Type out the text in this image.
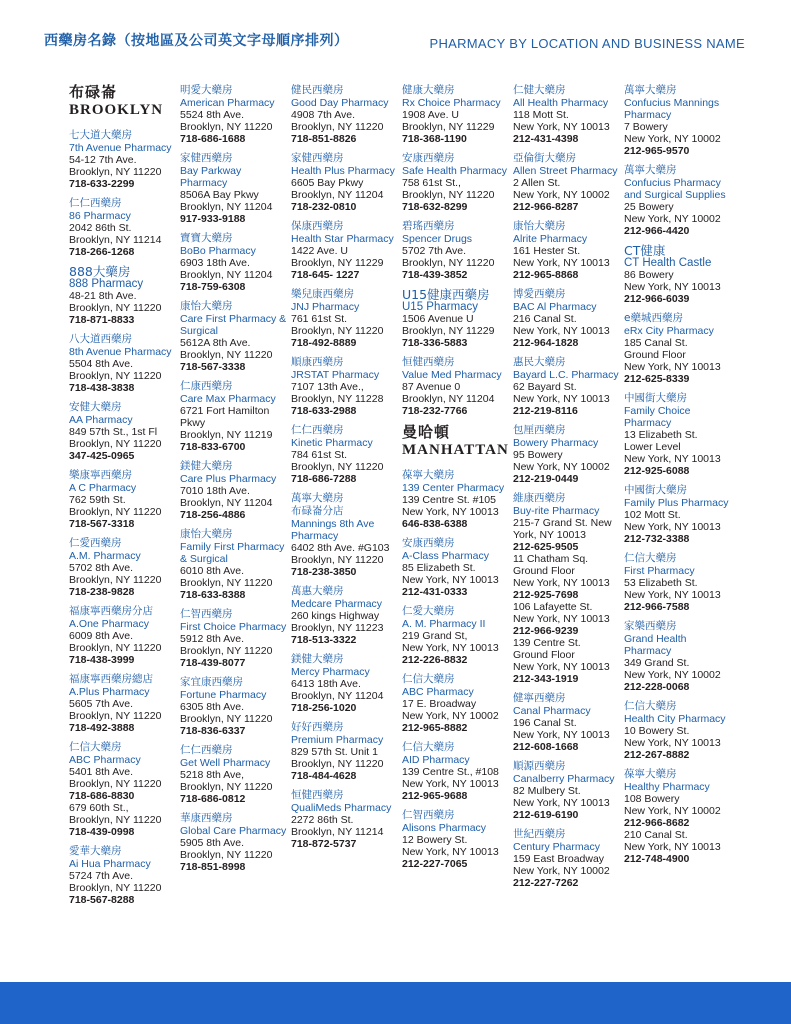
西藥房名錄（按地區及公司英文字母順序排列）	PHARMACY BY LOCATION AND BUSINESS NAME
布碌崙
BROOKLYN
七大道大藥房
7th Avenue Pharmacy
54-12 7th Ave.
Brooklyn, NY 11220
718-633-2299
仁仁西藥房
86 Pharmacy
2042 86th St.
Brooklyn, NY 11214
718-266-1268
888大藥房
888 Pharmacy
48-21 8th Ave.
Brooklyn, NY 11220
718-871-8833
八大道西藥房
8th Avenue Pharmacy
5504 8th Ave.
Brooklyn, NY 11220
718-438-3838
安健大藥房
AA Pharmacy
849 57th St., 1st Fl
Brooklyn, NY 11220
347-425-0965
樂康寧西藥房
A C Pharmacy
762 59th St.
Brooklyn, NY 11220
718-567-3318
仁愛西藥房
A.M. Pharmacy
5702 8th Ave.
Brooklyn, NY 11220
718-238-9828
福康寧西藥房分店
A.One Pharmacy
6009 8th Ave.
Brooklyn, NY 11220
718-438-3999
福康寧西藥房總店
A.Plus Pharmacy
5605 7th Ave.
Brooklyn, NY 11220
718-492-3888
仁信大藥房
ABC Pharmacy
5401 8th Ave.
Brooklyn, NY 11220
718-686-8830
679 60th St.,
Brooklyn, NY 11220
718-439-0998
愛華大藥房
Ai Hua Pharmacy
5724 7th Ave.
Brooklyn, NY 11220
718-567-8288
明愛大藥房
American Pharmacy
5524 8th Ave.
Brooklyn, NY 11220
718-686-1688
家健西藥房
Bay Parkway Pharmacy
8506A Bay Pkwy
Brooklyn, NY 11204
917-933-9188
寶寶大藥房
BoBo Pharmacy
6903 18th Ave.
Brooklyn, NY 11204
718-759-6308
康怡大藥房
Care First Pharmacy & Surgical
5612A 8th Ave.
Brooklyn, NY 11220
718-567-3338
仁康西藥房
Care Max Pharmacy
6721 Fort Hamilton Pkwy
Brooklyn, NY 11219
718-833-6700
鎂健大藥房
Care Plus Pharmacy
7010 18th Ave.
Brooklyn, NY 11204
718-256-4886
康怡大藥房
Family First Pharmacy & Surgical
6010 8th Ave.
Brooklyn, NY 11220
718-633-8388
仁智西藥房
First Choice Pharmacy
5912 8th Ave.
Brooklyn, NY 11220
718-439-8077
家宜康西藥房
Fortune Pharmacy
6305 8th Ave.
Brooklyn, NY 11220
718-836-6337
仁仁西藥房
Get Well Pharmacy
5218 8th Ave,
Brooklyn, NY 11220
718-686-0812
華康西藥房
Global Care Pharmacy
5905 8th Ave.
Brooklyn, NY 11220
718-851-8998
健民西藥房
Good Day Pharmacy
4908 7th Ave.
Brooklyn, NY 11220
718-851-8826
家健西藥房
Health Plus Pharmacy
6605 Bay Pkwy
Brooklyn, NY 11204
718-232-0810
保康西藥房
Health Star Pharmacy
1422 Ave. U
Brooklyn, NY 11229
718-645- 1227
樂兒康西藥房
JNJ Pharmacy
761 61st St.
Brooklyn, NY 11220
718-492-8889
順康西藥房
JRSTAT Pharmacy
7107 13th Ave.,
Brooklyn, NY 11228
718-633-2988
仁仁西藥房
Kinetic Pharmacy
784 61st St.
Brooklyn, NY 11220
718-686-7288
萬寧大藥房
布碌崙分店
Mannings 8th Ave Pharmacy
6402 8th Ave. #G103
Brooklyn, NY 11220
718-238-3850
萬惠大藥房
Medcare Pharmacy
260 kings Highway
Brooklyn, NY 11223
718-513-3322
鎂健大藥房
Mercy Pharmacy
6413 18th Ave.
Brooklyn, NY 11204
718-256-1020
好好西藥房
Premium Pharmacy
829 57th St. Unit 1
Brooklyn, NY 11220
718-484-4628
恒健西藥房
QualiMeds Pharmacy
2272 86th St.
Brooklyn, NY 11214
718-872-5737
健康大藥房
Rx Choice Pharmacy
1908 Ave. U
Brooklyn, NY 11229
718-368-1190
安康西藥房
Safe Health Pharmacy
758 61st St.,
Brooklyn, NY 11220
718-632-8299
碧瑤西藥房
Spencer Drugs
5702 7th Ave.
Brooklyn, NY 11220
718-439-3852
U15健康西藥房
U15 Pharmacy
1506 Avenue U
Brooklyn, NY 11229
718-336-5883
恒健西藥房
Value Med Pharmacy
87 Avenue 0
Brooklyn, NY 11204
718-232-7766
曼哈頓
MANHATTAN
葆寧大藥房
139 Center Pharmacy
139 Centre St. #105
New York, NY 10013
646-838-6388
安康西藥房
A-Class Pharmacy
85 Elizabeth St.
New York, NY 10013
212-431-0333
仁愛大藥房
A. M. Pharmacy II
219 Grand St,
New York, NY 10013
212-226-8832
仁信大藥房
ABC Pharmacy
17 E. Broadway
New York, NY 10002
212-965-8882
仁信大藥房
AID Pharmacy
139 Centre St., #108
New York, NY 10013
212-965-9688
仁智西藥房
Alisons Pharmacy
12 Bowery St.
New York, NY 10013
212-227-7065
仁健大藥房
All Health Pharmacy
118 Mott St.
New York, NY 10013
212-431-4398
亞倫街大藥房
Allen Street Pharmacy
2 Allen St.
New York, NY 10002
212-966-8287
康怡大藥房
Alrite Pharmacy
161 Hester St.
New York, NY 10013
212-965-8868
博愛西藥房
BAC Al Pharmacy
216 Canal St.
New York, NY 10013
212-964-1828
惠民大藥房
Bayard L.C. Pharmacy
62 Bayard St.
New York, NY 10013
212-219-8116
包厘西藥房
Bowery Pharmacy
95 Bowery
New York, NY 10002
212-219-0449
維康西藥房
Buy-rite Pharmacy
215-7 Grand St. New York, NY 10013
212-625-9505
11 Chatham Sq.
Ground Floor
New York, NY 10013
212-925-7698
106 Lafayette St.
New York, NY 10013
212-966-9239
139 Centre St.
Ground Floor
New York, NY 10013
212-343-1919
健寧西藥房
Canal Pharmacy
196 Canal St.
New York, NY 10013
212-608-1668
順源西藥房
Canalberry Pharmacy
82 Mulbery St.
New York, NY 10013
212-619-6190
世紀西藥房
Century Pharmacy
159 East Broadway
New York, NY 10002
212-227-7262
萬寧大藥房
Confucius Mannings Pharmacy
7 Bowery
New York, NY 10002
212-965-9570
萬寧大藥房
Confucius Pharmacy and Surgical Supplies
25 Bowery
New York, NY 10002
212-966-4420
CT健康
CT Health Castle
86 Bowery
New York, NY 10013
212-966-6039
e藥城西藥房
eRx City Pharmacy
185 Canal St.
Ground Floor
New York, NY 10013
212-625-8339
中國街大藥房
Family Choice Pharmacy
13 Elizabeth St.
Lower Level
New York, NY 10013
212-925-6088
中國街大藥房
Family Plus Pharmacy
102 Mott St.
New York, NY 10013
212-732-3388
仁信大藥房
First Pharmacy
53 Elizabeth St.
New York, NY 10013
212-966-7588
家樂西藥房
Grand Health Pharmacy
349 Grand St.
New York, NY 10002
212-228-0068
仁信大藥房
Health City Pharmacy
10 Bowery St.
New York, NY 10013
212-267-8882
葆寧大藥房
Healthy Pharmacy
108 Bowery
New York, NY 10002
212-966-8682
210 Canal St.
New York, NY 10013
212-748-4900
